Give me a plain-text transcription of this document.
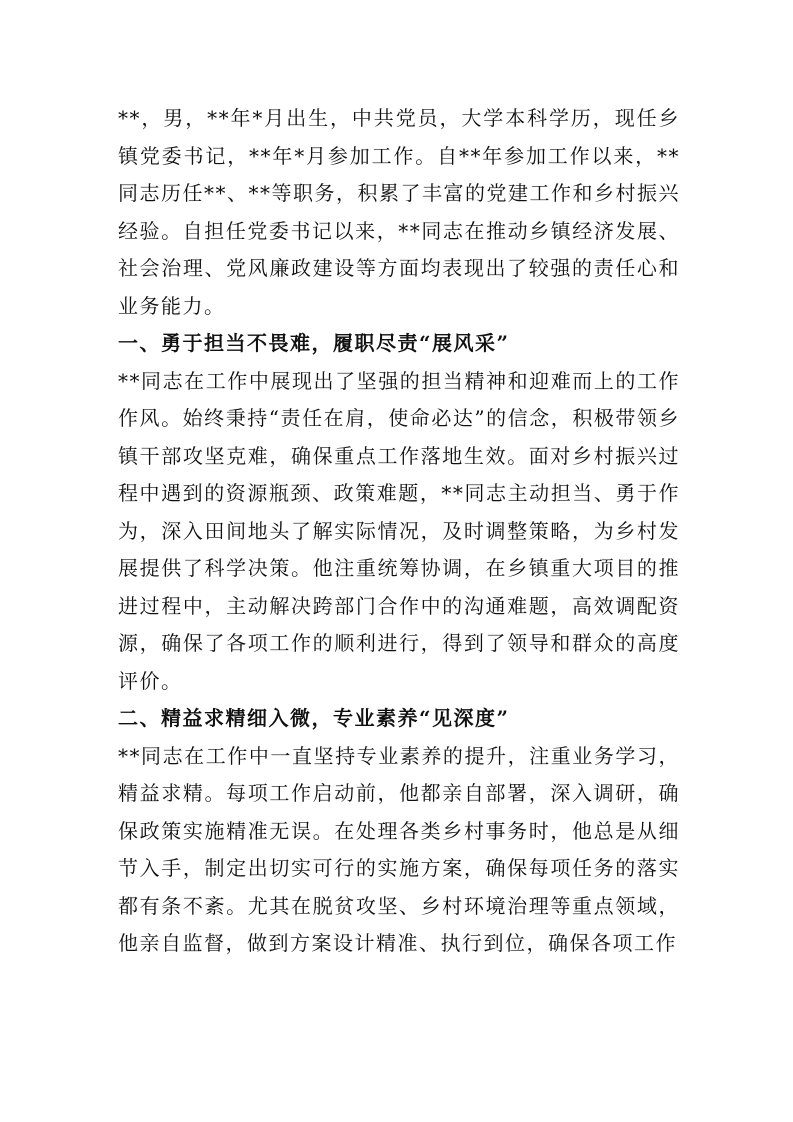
**，男，**年*月出生，中共党员，大学本科学历，现任乡镇党委书记，**年*月参加工作。自**年参加工作以来，**同志历任**、**等职务，积累了丰富的党建工作和乡村振兴经验。自担任党委书记以来，**同志在推动乡镇经济发展、社会治理、党风廉政建设等方面均表现出了较强的责任心和业务能力。

一、勇于担当不畏难，履职尽责“展风采”

**同志在工作中展现出了坚强的担当精神和迎难而上的工作作风。始终秉持“责任在肩，使命必达”的信念，积极带领乡镇干部攻坚克难，确保重点工作落地生效。面对乡村振兴过程中遇到的资源瓶颈、政策难题，**同志主动担当、勇于作为，深入田间地头了解实际情况，及时调整策略，为乡村发展提供了科学决策。他注重统筹协调，在乡镇重大项目的推进过程中，主动解决跨部门合作中的沟通难题，高效调配资源，确保了各项工作的顺利进行，得到了领导和群众的高度评价。

二、精益求精细入微，专业素养“见深度”

**同志在工作中一直坚持专业素养的提升，注重业务学习，精益求精。每项工作启动前，他都亲自部署，深入调研，确保政策实施精准无误。在处理各类乡村事务时，他总是从细节入手，制定出切实可行的实施方案，确保每项任务的落实都有条不紊。尤其在脱贫攻坚、乡村环境治理等重点领域，他亲自监督，做到方案设计精准、执行到位，确保各项工作
